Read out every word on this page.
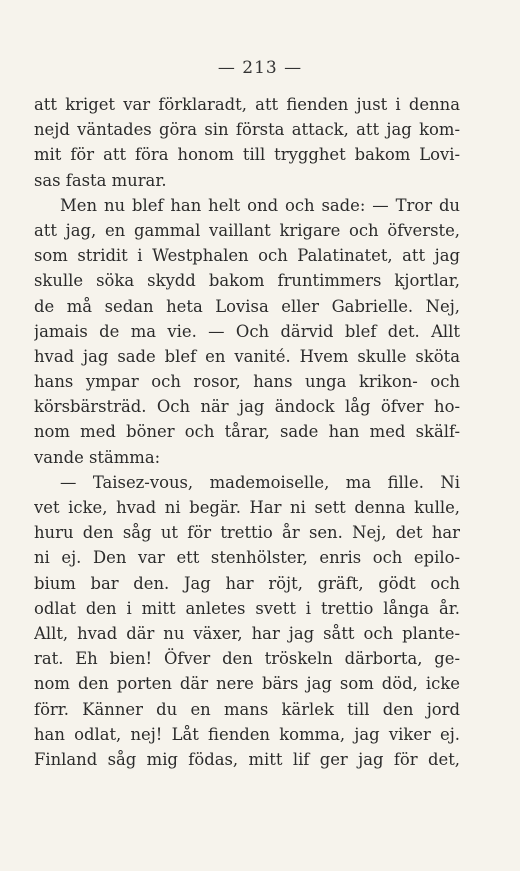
— 213 —
att kriget var förklaradt, att fienden just i denna
nejd väntades göra sin första attack, att jag kom-
mit för att föra honom till trygghet bakom Lovi-
sas fasta murar.
Men nu blef han helt ond och sade: — Tror du
att jag, en gammal vaillant krigare och öfverste,
som stridit i Westphalen och Palatinatet, att jag
skulle söka skydd bakom fruntimmers kjortlar,
de må sedan heta Lovisa eller Gabrielle. Nej,
jamais de ma vie. — Och därvid blef det. Allt
hvad jag sade blef en vanité. Hvem skulle sköta
hans ympar och rosor, hans unga krikon- och
körsbärsträd. Och när jag ändock låg öfver ho-
nom med böner och tårar, sade han med skälf-
vande stämma:
— Taisez-vous, mademoiselle, ma fille. Ni
vet icke, hvad ni begär. Har ni sett denna kulle,
huru den såg ut för trettio år sen. Nej, det har
ni ej. Den var ett stenhölster, enris och epilo-
bium bar den. Jag har röjt, gräft, gödt och
odlat den i mitt anletes svett i trettio långa år.
Allt, hvad där nu växer, har jag sått och plante-
rat. Eh bien! Öfver den tröskeln därborta, ge-
nom den porten där nere bärs jag som död, icke
förr. Känner du en mans kärlek till den jord
han odlat, nej! Låt fienden komma, jag viker ej.
Finland såg mig födas, mitt lif ger jag för det,
